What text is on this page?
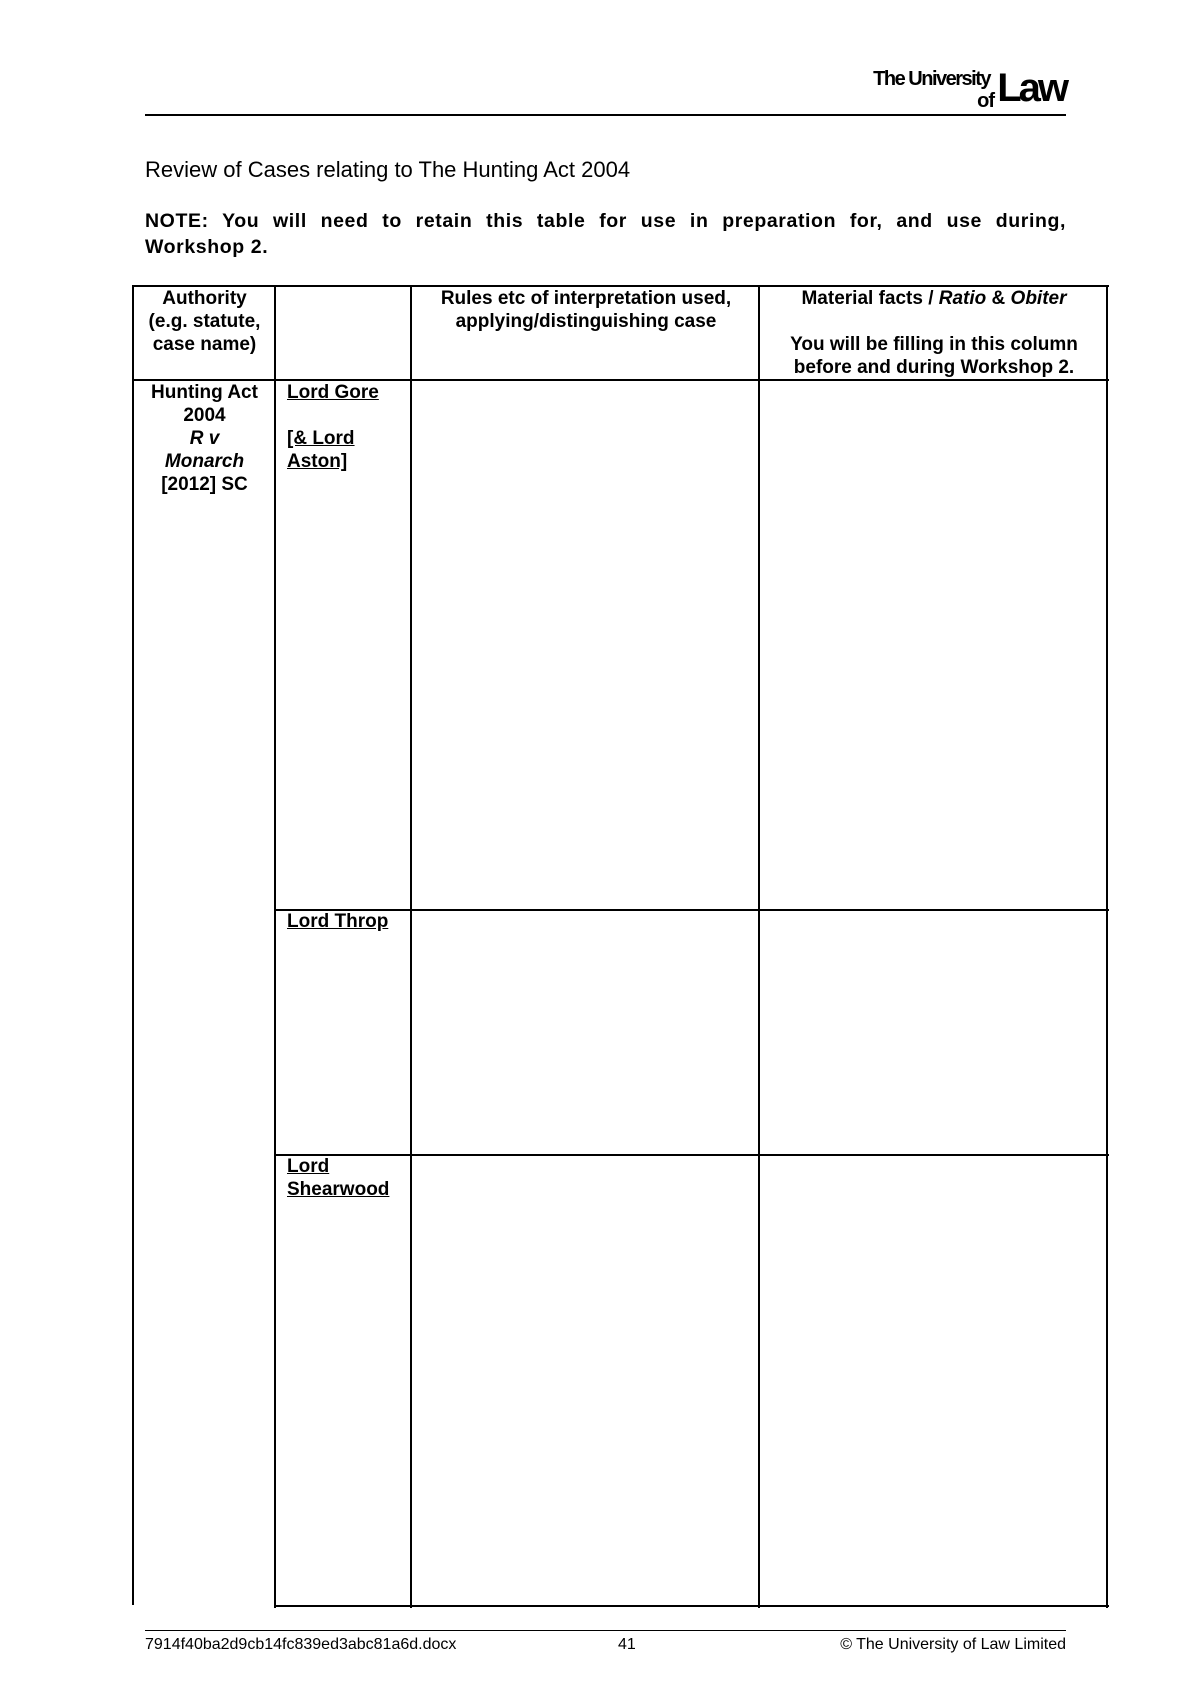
The University
of Law
Review of Cases relating to The Hunting Act 2004
NOTE: You will need to retain this table for use in preparation for, and use during,
Workshop 2.
Authority
(e.g. statute,
case name)
Rules etc of interpretation used,
applying/distinguishing case
Material facts / Ratio & Obiter
You will be filling in this column
before and during Workshop 2.
Hunting Act
2004
R v
Monarch
[2012] SC
Lord Gore
[& Lord
Aston]
Lord Throp
Lord
Shearwood
7914f40ba2d9cb14fc839ed3abc81a6d.docx	41	© The University of Law Limited
